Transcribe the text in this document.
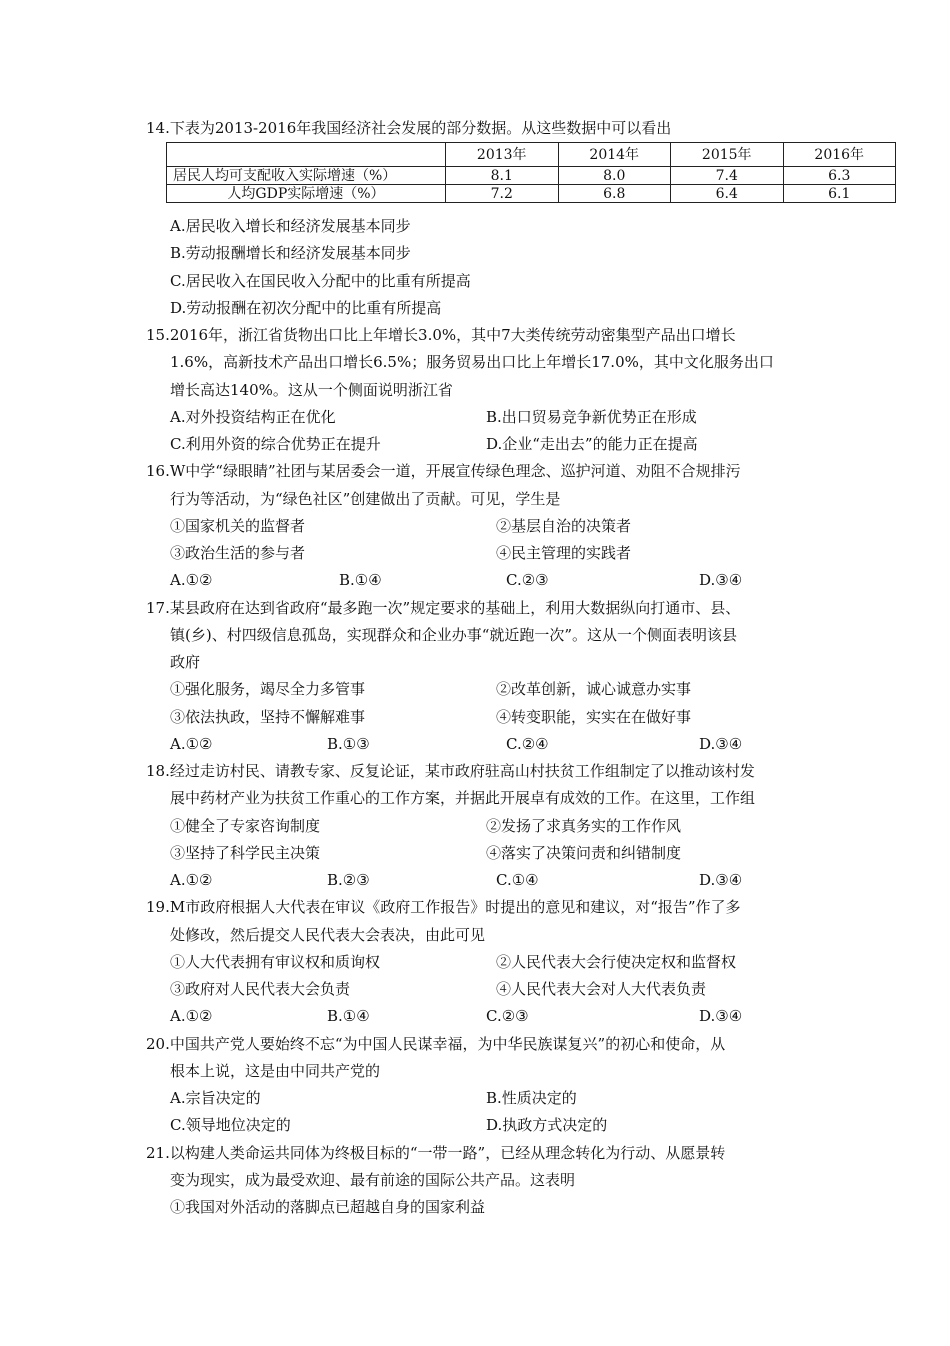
14.下表为2013-2016年我国经济社会发展的部分数据。从这些数据中可以看出
	2013年	2014年	2015年	2016年
居民人均可支配收入实际增速（%）	8.1	8.0	7.4	6.3
人均GDP实际增速（%）	7.2	6.8	6.4	6.1
A.居民收入增长和经济发展基本同步
B.劳动报酬增长和经济发展基本同步
C.居民收入在国民收入分配中的比重有所提高
D.劳动报酬在初次分配中的比重有所提高
15.2016年，浙江省货物出口比上年增长3.0%，其中7大类传统劳动密集型产品出口增长
1.6%，高新技术产品出口增长6.5%；服务贸易出口比上年增长17.0%，其中文化服务出口
增长高达140%。这从一个侧面说明浙江省
A.对外投资结构正在优化	B.出口贸易竞争新优势正在形成
C.利用外资的综合优势正在提升	D.企业“走出去”的能力正在提高
16.W中学“绿眼睛”社团与某居委会一道，开展宣传绿色理念、巡护河道、劝阻不合规排污
行为等活动，为“绿色社区”创建做出了贡献。可见，学生是
①国家机关的监督者	②基层自治的决策者
③政治生活的参与者	④民主管理的实践者
A.①②	B.①④	C.②③	D.③④
17.某县政府在达到省政府“最多跑一次”规定要求的基础上，利用大数据纵向打通市、县、
镇(乡)、村四级信息孤岛，实现群众和企业办事“就近跑一次”。这从一个侧面表明该县
政府
①强化服务，竭尽全力多管事	②改革创新，诚心诚意办实事
③依法执政，坚持不懈解难事	④转变职能，实实在在做好事
A.①②	B.①③	C.②④	D.③④
18.经过走访村民、请教专家、反复论证，某市政府驻高山村扶贫工作组制定了以推动该村发
展中药材产业为扶贫工作重心的工作方案，并据此开展卓有成效的工作。在这里，工作组
①健全了专家咨询制度	②发扬了求真务实的工作作风
③坚持了科学民主决策	④落实了决策问责和纠错制度
A.①②	B.②③	C.①④	D.③④
19.M市政府根据人大代表在审议《政府工作报告》时提出的意见和建议，对“报告”作了多
处修改，然后提交人民代表大会表决，由此可见
①人大代表拥有审议权和质询权	②人民代表大会行使决定权和监督权
③政府对人民代表大会负责	④人民代表大会对人大代表负责
A.①②	B.①④	C.②③	D.③④
20.中国共产党人要始终不忘“为中国人民谋幸福，为中华民族谋复兴”的初心和使命，从
根本上说，这是由中同共产党的
A.宗旨决定的	B.性质决定的
C.领导地位决定的	D.执政方式决定的
21.以构建人类命运共同体为终极目标的“一带一路”，已经从理念转化为行动、从愿景转
变为现实，成为最受欢迎、最有前途的国际公共产品。这表明
①我国对外活动的落脚点已超越自身的国家利益
